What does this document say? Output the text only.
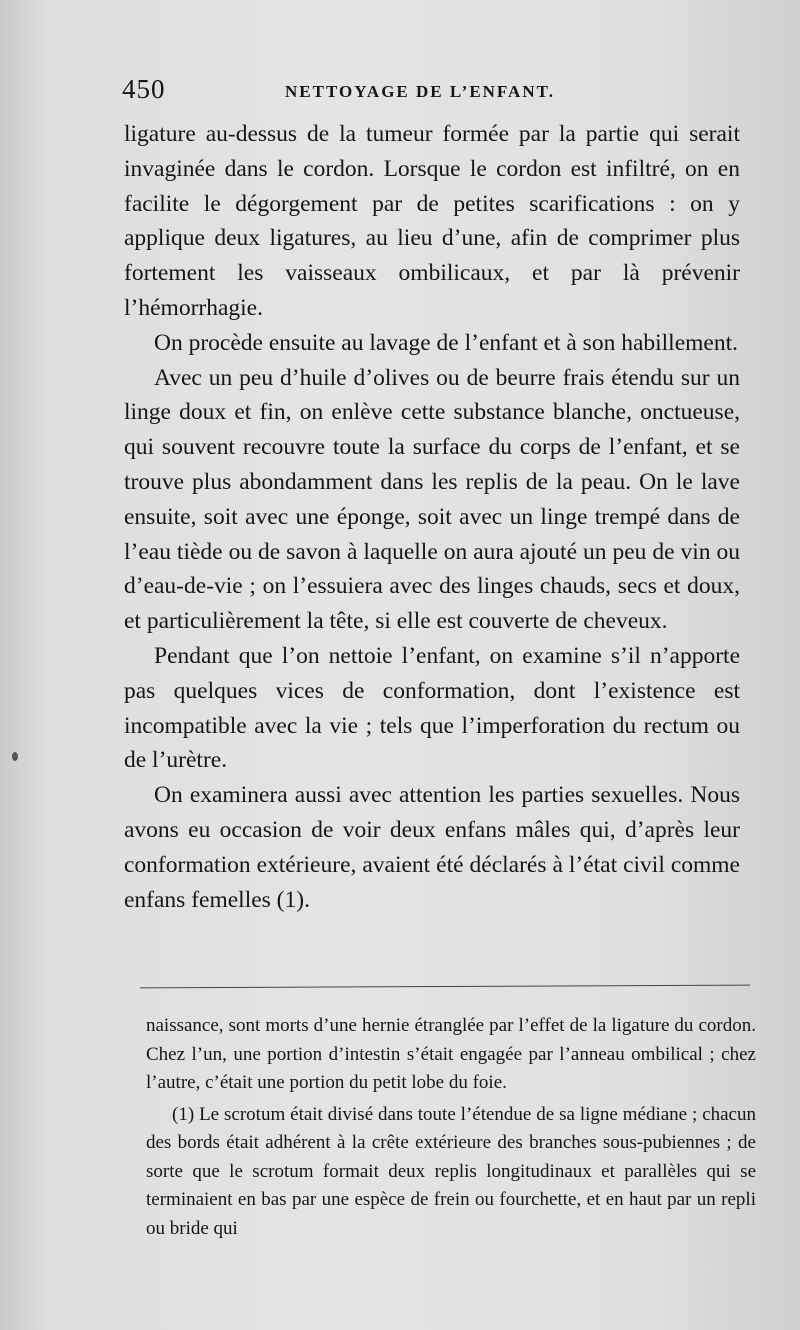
450	NETTOYAGE DE L’ENFANT.

ligature au-dessus de la tumeur formée par la partie qui serait invaginée dans le cordon. Lorsque le cordon est infiltré, on en facilite le dégorgement par de petites scarifications : on y applique deux ligatures, au lieu d’une, afin de comprimer plus fortement les vaisseaux ombilicaux, et par là prévenir l’hémorrhagie.

On procède ensuite au lavage de l’enfant et à son habillement.

Avec un peu d’huile d’olives ou de beurre frais étendu sur un linge doux et fin, on enlève cette substance blanche, onctueuse, qui souvent recouvre toute la surface du corps de l’enfant, et se trouve plus abondamment dans les replis de la peau. On le lave ensuite, soit avec une éponge, soit avec un linge trempé dans de l’eau tiède ou de savon à laquelle on aura ajouté un peu de vin ou d’eau-de-vie ; on l’essuiera avec des linges chauds, secs et doux, et particulièrement la tête, si elle est couverte de cheveux.

Pendant que l’on nettoie l’enfant, on examine s’il n’apporte pas quelques vices de conformation, dont l’existence est incompatible avec la vie ; tels que l’imperforation du rectum ou de l’urètre.

On examinera aussi avec attention les parties sexuelles. Nous avons eu occasion de voir deux enfans mâles qui, d’après leur conformation extérieure, avaient été déclarés à l’état civil comme enfans femelles (1).

naissance, sont morts d’une hernie étranglée par l’effet de la ligature du cordon. Chez l’un, une portion d’intestin s’était engagée par l’anneau ombilical ; chez l’autre, c’était une portion du petit lobe du foie.

(1) Le scrotum était divisé dans toute l’étendue de sa ligne médiane ; chacun des bords était adhérent à la crête extérieure des branches sous-pubiennes ; de sorte que le scrotum formait deux replis longitudinaux et parallèles qui se terminaient en bas par une espèce de frein ou fourchette, et en haut par un repli ou bride qui
